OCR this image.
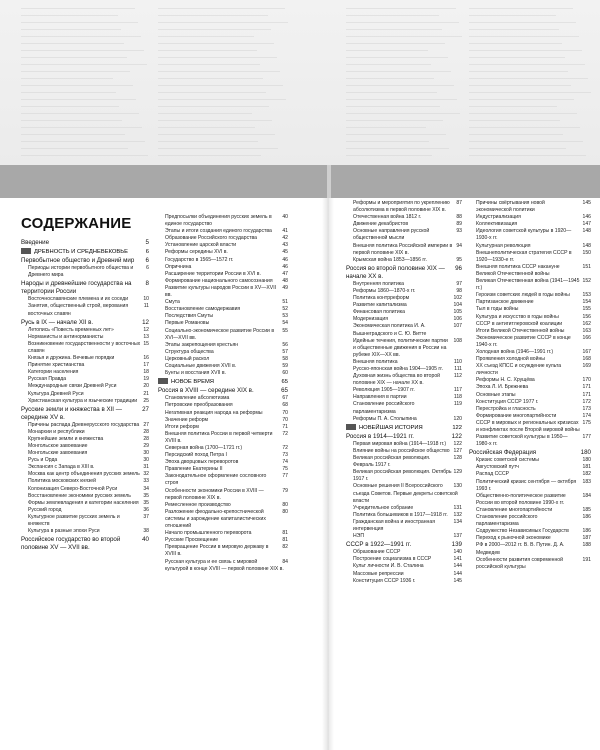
СОДЕРЖАНИЕ

5
Введение

6
ДРЕВНОСТЬ И СРЕДНЕВЕКОВЬЕ

6
Первобытное общество и Древний мир

6
Периоды истории первобытного общества и Древнего мира

8
Народы и древнейшие государства на территории России

10
Восточнославянские племена и их соседи

11
Занятия, общественный строй, верования восточных славян

12
Русь в IX — начале XII в.

12
Летопись «Повесть временных лет»

13
Норманисты и антинорманисты

15
Возникновение государственности у восточных славян

16
Князья и дружина. Вечевые порядки

17
Принятие христианства

18
Категории населения

19
Русская Правда

20
Международные связи Древней Руси

21
Культура Древней Руси

25
Христианская культура и языческие традиции

27
Русские земли и княжества в XII — середине XV в.

27
Причины распада Древнерусского государства

28
Монархии и республики

28
Крупнейшие земли и княжества

29
Монгольское завоевание

30
Монгольские завоевания

30
Русь и Орда

31
Экспансия с Запада в XIII в.

32
Москва как центр объединения русских земель

33
Политика московских князей

34
Колонизация Северо-Восточной Руси

35
Восстановление экономики русских земель

35
Формы землевладения и категории населения

36
Русский город

37
Культурное развитие русских земель и княжеств

38
Культура в разные эпохи Руси

40
Российское государство во второй половине XV — XVII вв.

40
Предпосылки объединения русских земель в единое государство

41
Этапы и итоги создания единого государства

42
Образование Российского государства

43
Установление царской власти

45
Реформы середины XVI в.

46
Государство в 1565—1572 гг.

46
Опричнина

47
Расширение территории России в XVI в.

48
Формирование национального самосознания

49
Развитие культуры народов России в XV—XVII вв.

51
Смута

52
Восстановление самодержавия

53
Последствия Смуты

54
Первые Романовы

55
Социально-экономическое развитие России в XVI—XVII вв.

56
Этапы закрепощения крестьян

57
Структура общества

58
Церковный раскол

59
Социальные движения XVII в.

60
Бунты и восстания XVII в.

65
НОВОЕ ВРЕМЯ

65
Россия в XVIII — середине XIX в.

67
Становление абсолютизма

68
Петровские преобразования

70
Негативная реакция народа на реформы

70
Значение реформ

71
Итоги реформ

72
Внешняя политика России в первой четверти XVIII в.

72
Северная война (1700—1721 гг.)

73
Персидский поход Петра I

74
Эпоха дворцовых переворотов

75
Правление Екатерины II

77
Законодательное оформление сословного строя

79
Особенности экономики России в XVIII — первой половине XIX в.

80
Ремесленное производство

80
Разложение феодально-крепостнической системы и зарождение капиталистических отношений

81
Начало промышленного переворота

81
Русские Просвещение

82
Превращение России в мировую державу в XVIII в.

84
Русская культура и ее связь с мировой культурой в конце XVIII — первой половине XIX в.

87
Реформы и мероприятия по укреплению абсолютизма в первой половине XIX в.

88
Отечественная война 1812 г.

89
Движение декабристов

93
Основные направления русской общественной мысли

94
Внешняя политика Российской империи в первой половине XIX в.

95
Крымская война 1853—1856 гг.

96
Россия во второй половине XIX — начале XX в.

97
Внутренняя политика

98
Реформы 1860—1870-х гг.

102
Политика контрреформ

104
Развитие капитализма

105
Финансовая политика

106
Модернизация

107
Экономическая политика И. А. Вышнеградского и С. Ю. Витте

108
Идейные течения, политические партии и общественные движения в России на рубеже XIX—XX вв.

110
Внешняя политика

111
Русско-японская война 1904—1905 гг.

112
Духовная жизнь общества во второй половине XIX — начале XX в.

117
Революция 1905—1907 гг.

118
Направления в партии

119
Становление российского парламентаризма

120
Реформы П. А. Столыпина

122
НОВЕЙШАЯ ИСТОРИЯ

122
Россия в 1914—1921 гг.

122
Первая мировая война (1914—1918 гг.)

127
Влияние войны на российское общество

128
Великая российская революция. Февраль 1917 г.

129
Великая российская революция. Октябрь 1917 г.

130
Основные решения II Всероссийского съезда Советов. Первые декреты советской власти

131
Учредительное собрание

132
Политика большевиков в 1917—1918 гг.

134
Гражданская война и иностранная интервенция

137
НЭП

139
СССР в 1922—1991 гг.

140
Образование СССР

141
Построение социализма в СССР

144
Культ личности И. В. Сталина

144
Массовые репрессии

145
Конституция СССР 1936 г.

145
Причины свёртывания новой экономической политики

146
Индустриализация

147
Коллективизация

148
Идеология советской культуры в 1920—1930-х гг.

148
Культурная революция

150
Внешнеполитическая стратегия СССР в 1920—1930-е гг.

151
Внешняя политика СССР накануне Великой Отечественной войны

152
Великая Отечественная война (1941—1945 гг.)

153
Героизм советских людей в годы войны

154
Партизанское движение

155
Тыл в годы войны

156
Культура и искусство в годы войны

162
СССР в антигитлеровской коалиции

163
Итоги Великой Отечественной войны

166
Экономическое развитие СССР в конце 1940-х гг.

167
Холодная война (1946—1991 гг.)

168
Проявления холодной войны

169
ХХ съезд КПСС и осуждение культа личности

170
Реформы Н. С. Хрущёва

171
Эпоха Л. И. Брежнева

171
Основные этапы

172
Конституция СССР 1977 г.

173
Перестройка и гласность

174
Формирование многопартийности

175
СССР в мировых и региональных кризисах и конфликтах после Второй мировой войны

177
Развитие советской культуры в 1950—1980-х гг.

180
Российская Федерация

180
Кризис советской системы

181
Августовский путч

182
Распад СССР

183
Политический кризис сентября — октября 1993 г.

184
Общественно-политическое развитие России во второй половине 1990-х гг.

185
Становление многопартийности

186
Становление российского парламентаризма

186
Содружество Независимых Государств

187
Переход к рыночной экономике

188
РФ в 2000—2012 гг. В. В. Путин. Д. А. Медведев

191
Особенности развития современной российской культуры
